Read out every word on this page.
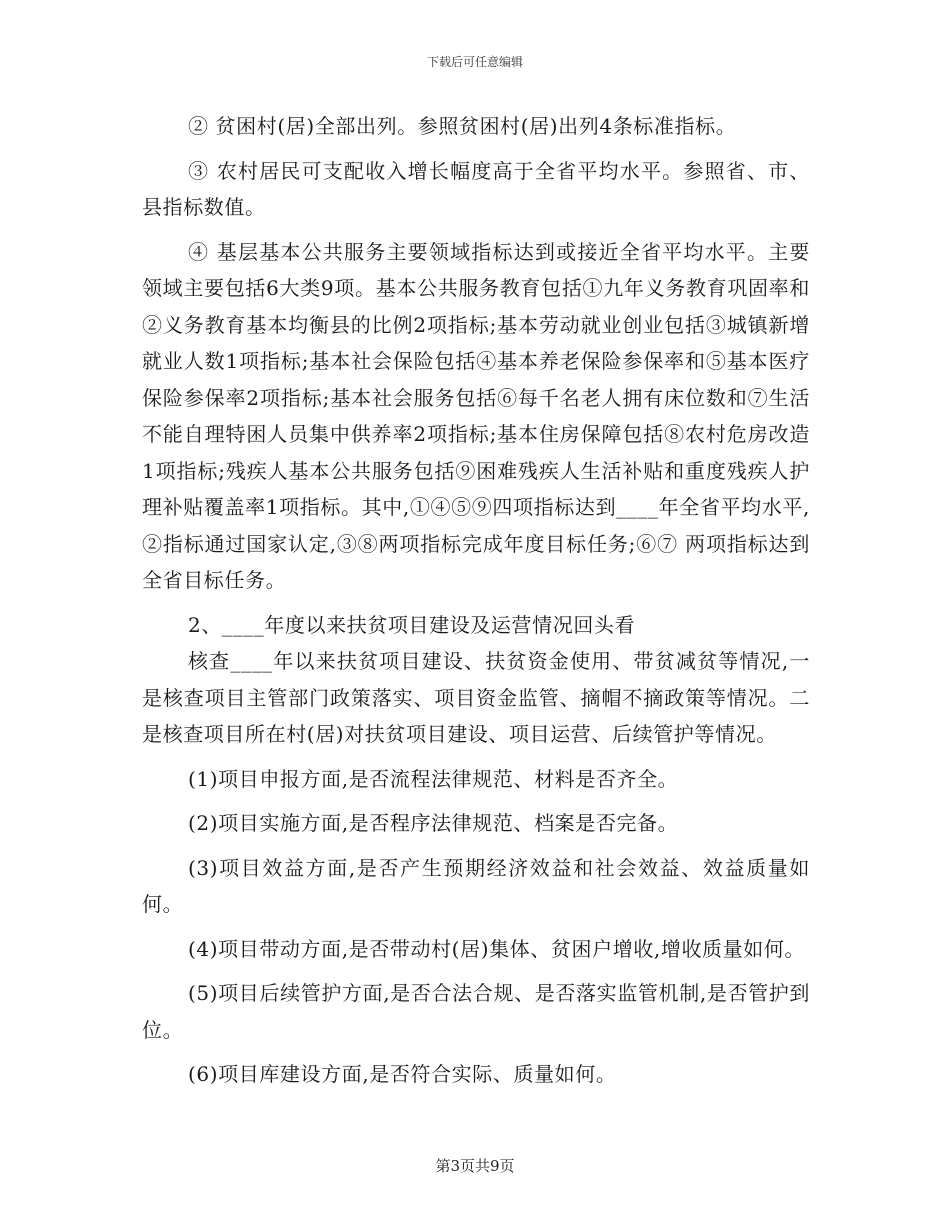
下载后可任意编辑

② 贫困村(居)全部出列。参照贫困村(居)出列4条标准指标。

③ 农村居民可支配收入增长幅度高于全省平均水平。参照省、市、县指标数值。

④ 基层基本公共服务主要领域指标达到或接近全省平均水平。主要领域主要包括6大类9项。基本公共服务教育包括①九年义务教育巩固率和②义务教育基本均衡县的比例2项指标;基本劳动就业创业包括③城镇新增就业人数1项指标;基本社会保险包括④基本养老保险参保率和⑤基本医疗保险参保率2项指标;基本社会服务包括⑥每千名老人拥有床位数和⑦生活不能自理特困人员集中供养率2项指标;基本住房保障包括⑧农村危房改造1项指标;残疾人基本公共服务包括⑨困难残疾人生活补贴和重度残疾人护理补贴覆盖率1项指标。其中,①④⑤⑨四项指标达到____年全省平均水平,②指标通过国家认定,③⑧两项指标完成年度目标任务;⑥⑦ 两项指标达到全省目标任务。

2、____年度以来扶贫项目建设及运营情况回头看

核查____年以来扶贫项目建设、扶贫资金使用、带贫减贫等情况,一是核查项目主管部门政策落实、项目资金监管、摘帽不摘政策等情况。二是核查项目所在村(居)对扶贫项目建设、项目运营、后续管护等情况。

(1)项目申报方面,是否流程法律规范、材料是否齐全。

(2)项目实施方面,是否程序法律规范、档案是否完备。

(3)项目效益方面,是否产生预期经济效益和社会效益、效益质量如何。

(4)项目带动方面,是否带动村(居)集体、贫困户增收,增收质量如何。

(5)项目后续管护方面,是否合法合规、是否落实监管机制,是否管护到位。

(6)项目库建设方面,是否符合实际、质量如何。

第3页共9页
